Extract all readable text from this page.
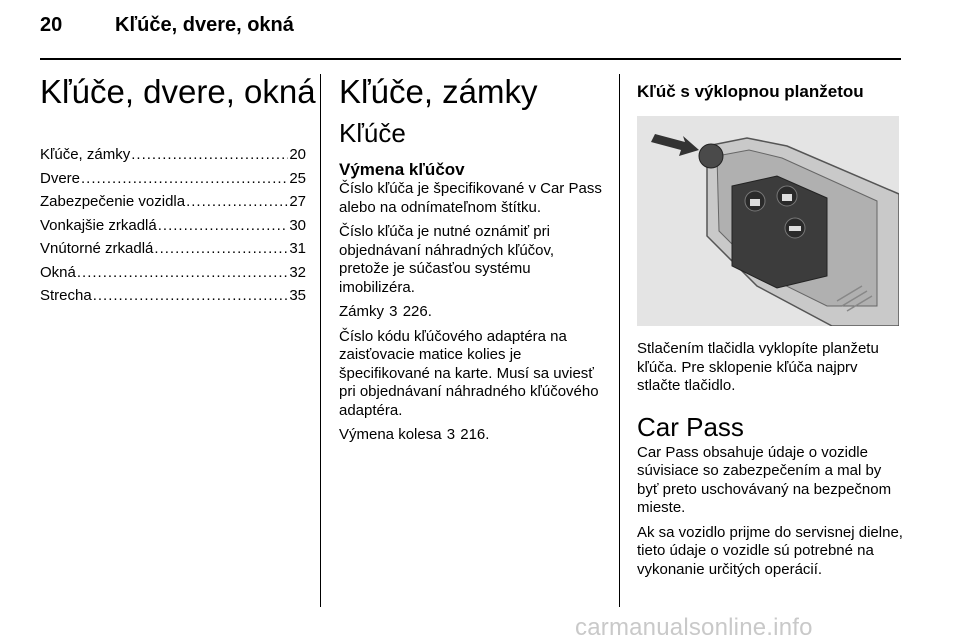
20	Kľúče, dvere, okná
Kľúče, dvere, okná
Kľúče, zámky .....	20
Dvere .....	25
Zabezpečenie vozidla .....	27
Vonkajšie zrkadlá .....	30
Vnútorné zrkadlá .....	31
Okná .....	32
Strecha .....	35
Kľúče, zámky
Kľúče
Výmena kľúčov
Číslo kľúča je špecifikované v Car Pass alebo na odnímateľnom štítku.
Číslo kľúča je nutné oznámiť pri objednávaní náhradných kľúčov, pretože je súčasťou systému imobilizéra.
Zámky 3 226.
Číslo kódu kľúčového adaptéra na zaisťovacie matice kolies je špecifikované na karte. Musí sa uviesť pri objednávaní náhradného kľúčového adaptéra.
Výmena kolesa 3 216.
Kľúč s výklopnou planžetou
Stlačením tlačidla vyklopíte planžetu kľúča. Pre sklopenie kľúča najprv stlačte tlačidlo.
Car Pass
Car Pass obsahuje údaje o vozidle súvisiace so zabezpečením a mal by byť preto uschovávaný na bezpečnom mieste.
Ak sa vozidlo prijme do servisnej dielne, tieto údaje o vozidle sú potrebné na vykonanie určitých operácií.
carmanualsonline.info
